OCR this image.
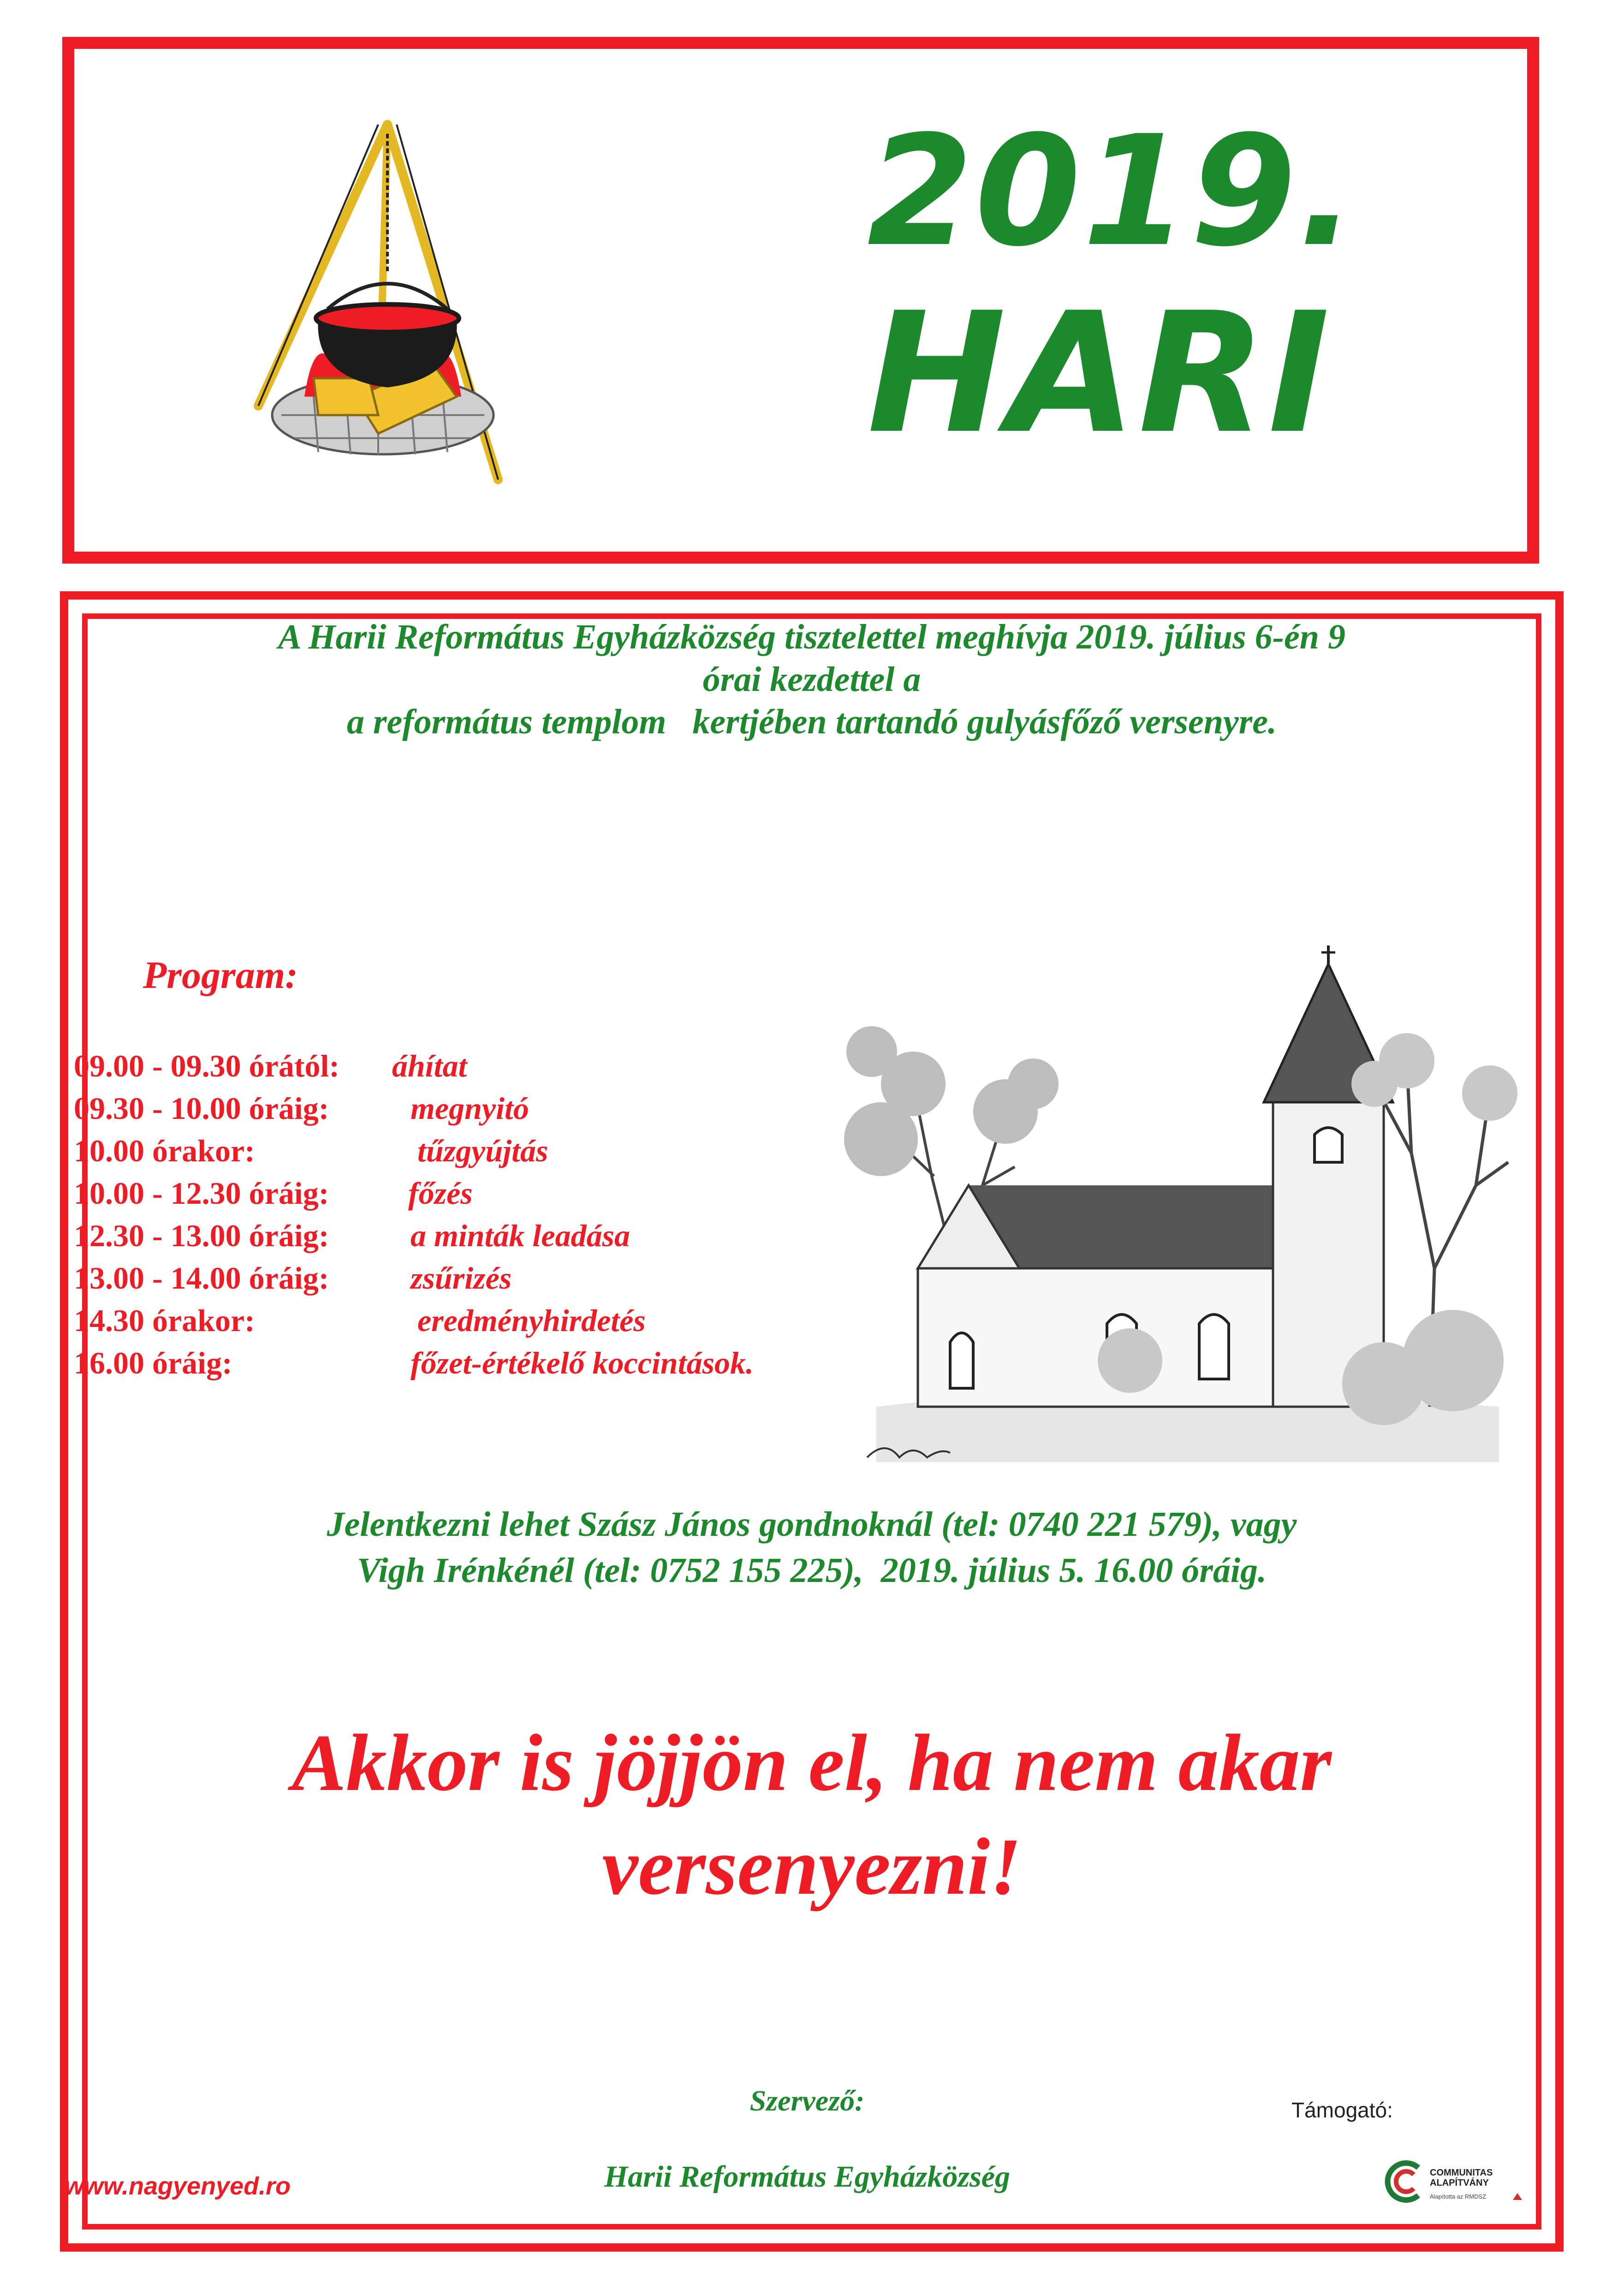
2019.
HARI
A Harii Református Egyházközség tisztelettel meghívja 2019. július 6-én 9
órai kezdettel a
a református templom   kertjében tartandó gulyásfőző versenyre.
Program:
09.00 - 09.30 órától: áhítat
09.30 - 10.00 óráig:	megnyitó
10.00 órakor:	tűzgyújtás
10.00 - 12.30 óráig:	főzés
12.30 - 13.00 óráig:	a minták leadása
13.00 - 14.00 óráig:	zsűrizés
14.30 órakor:	eredményhirdetés
16.00 óráig:	főzet-értékelő koccintások.
Jelentkezni lehet Szász János gondnoknál (tel: 0740 221 579), vagy
Vigh Irénkénél (tel: 0752 155 225),  2019. július 5. 16.00 óráig.
Akkor is jöjjön el, ha nem akar
versenyezni!
Szervező:
Harii Református Egyházközség
www.nagyenyed.ro
Támogató:
COMMUNITAS
ALAPÍTVÁNY
Alapította az RMDSZ
